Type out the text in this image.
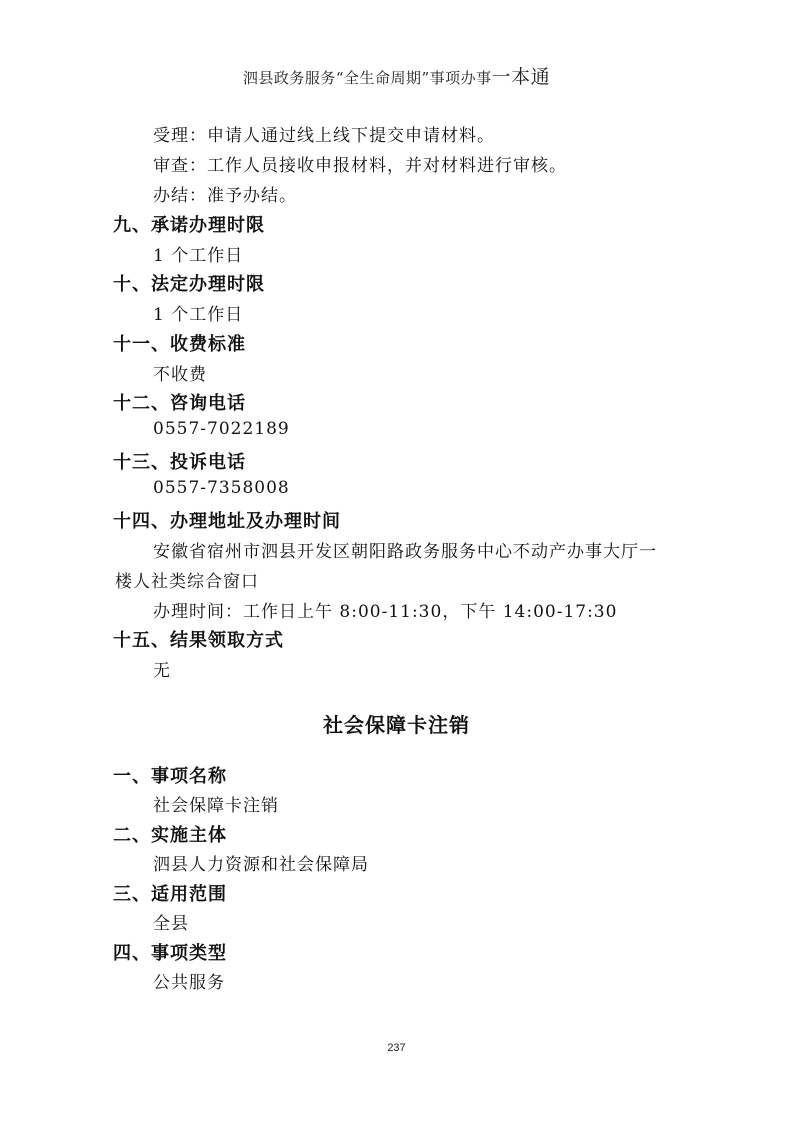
泗县政务服务“全生命周期”事项办事一本通
受理：申请人通过线上线下提交申请材料。
审查：工作人员接收申报材料，并对材料进行审核。
办结：准予办结。
九、承诺办理时限
1 个工作日
十、法定办理时限
1 个工作日
十一、收费标准
不收费
十二、咨询电话
0557-7022189
十三、投诉电话
0557-7358008
十四、办理地址及办理时间
安徽省宿州市泗县开发区朝阳路政务服务中心不动产办事大厅一
楼人社类综合窗口
办理时间：工作日上午 8:00-11:30，下午 14:00-17:30
十五、结果领取方式
无
社会保障卡注销
一、事项名称
社会保障卡注销
二、实施主体
泗县人力资源和社会保障局
三、适用范围
全县
四、事项类型
公共服务
237
